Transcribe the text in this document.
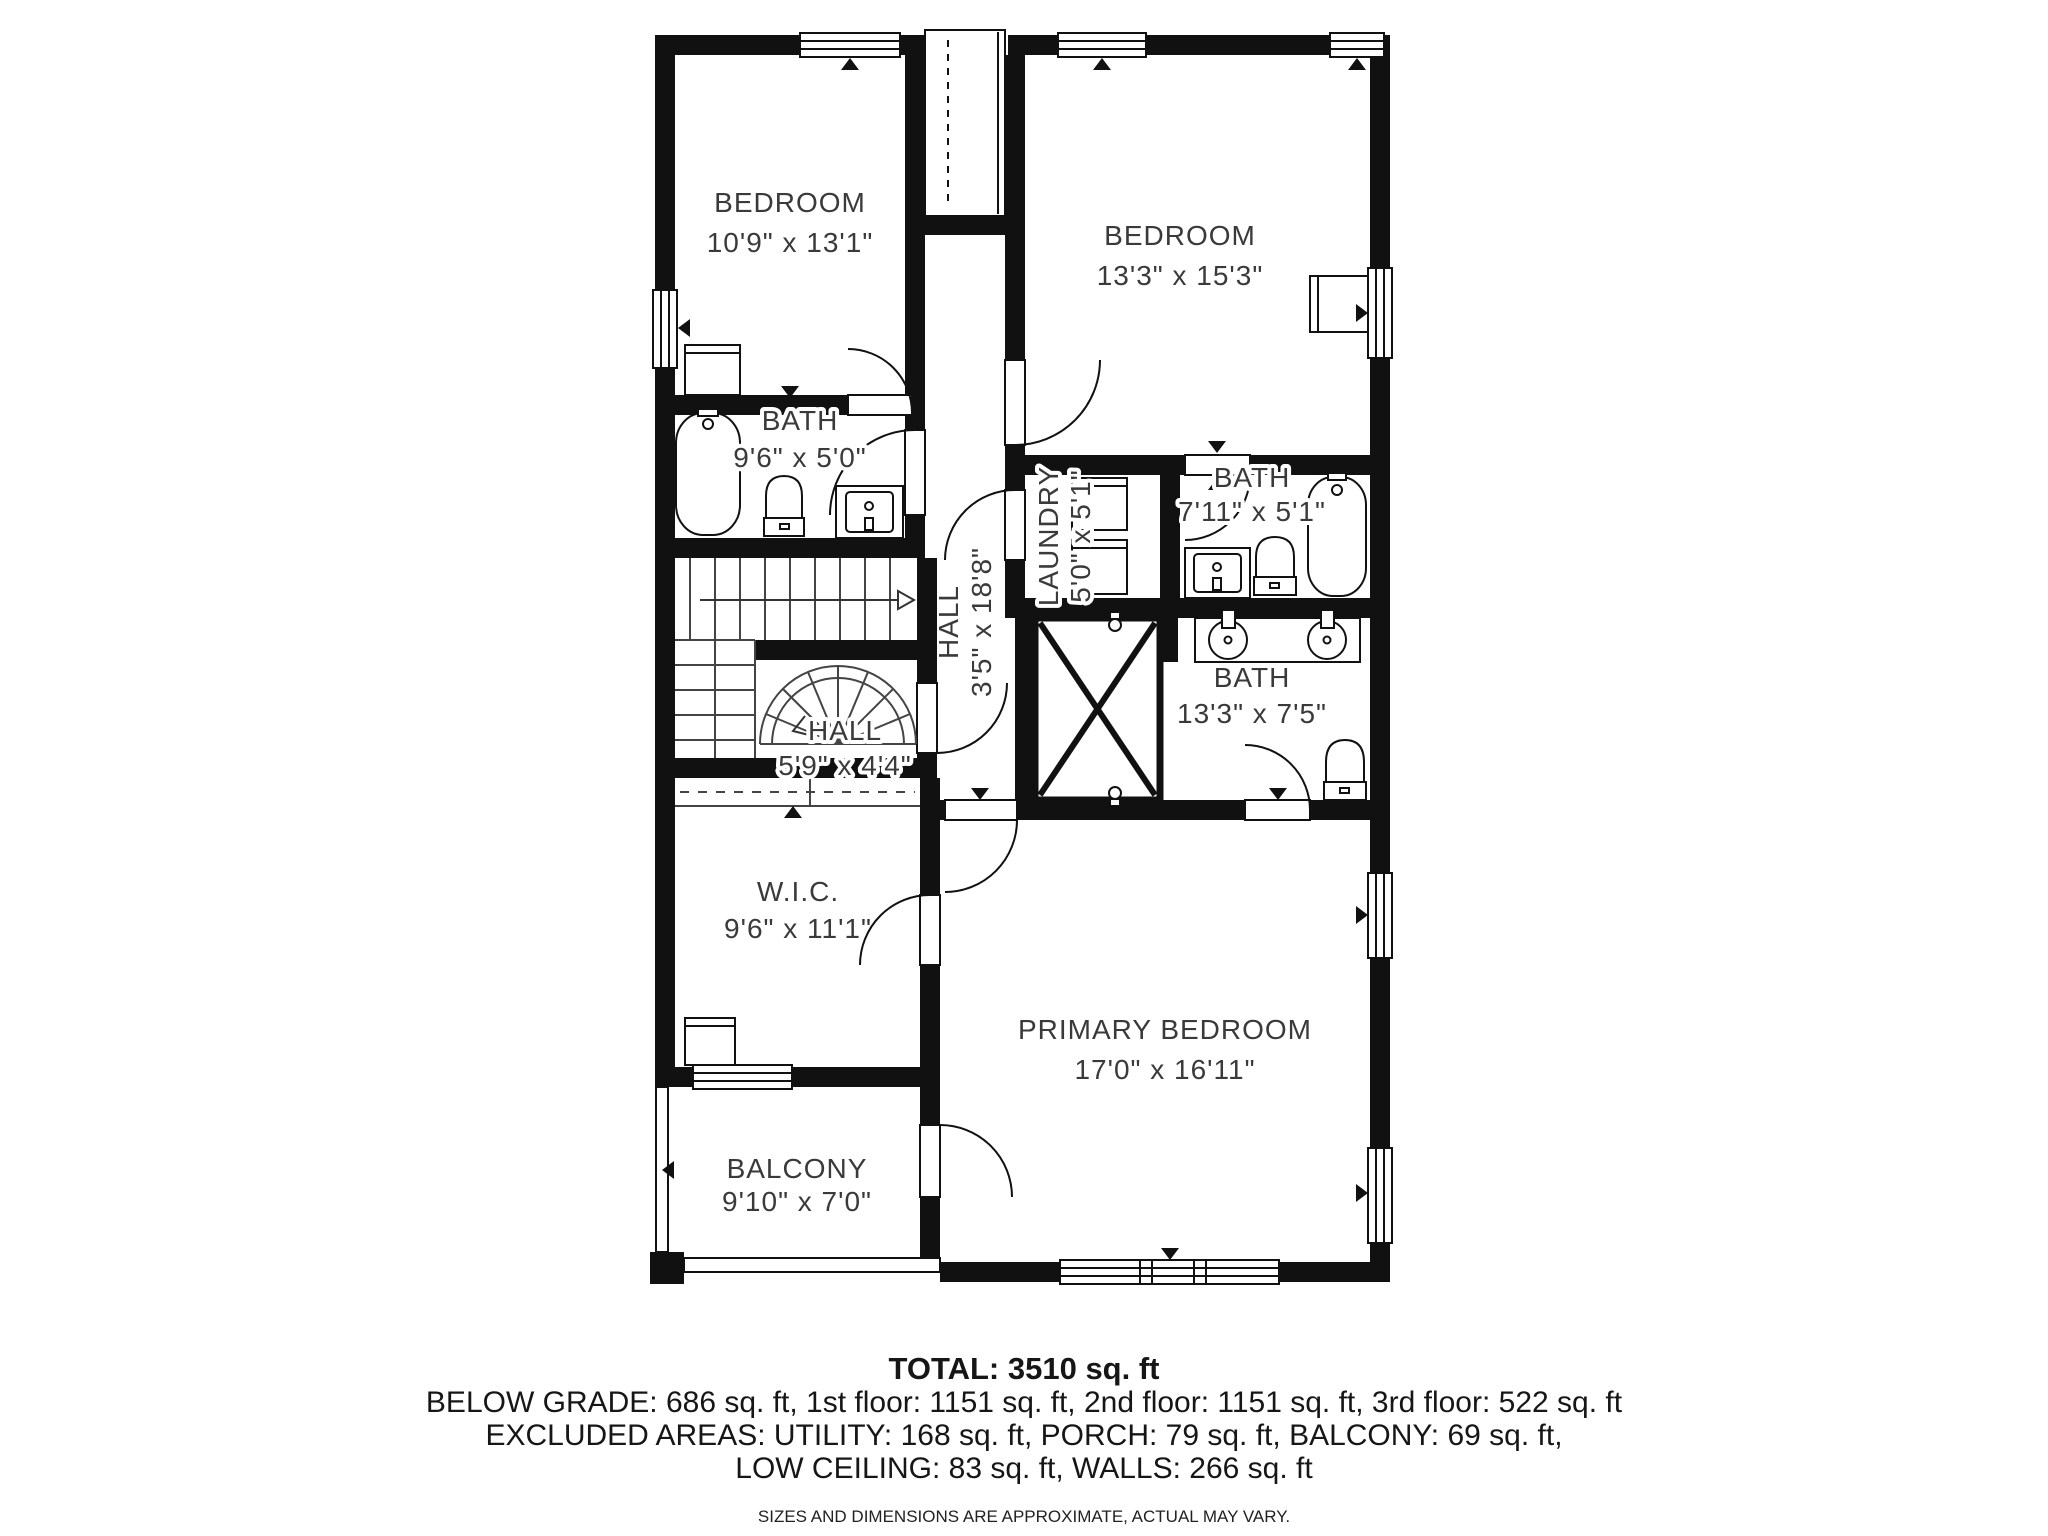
BEDROOM
10'9" x 13'1"	BEDROOM
13'3" x 15'3"
BATH
9'6" x 5'0"
LAUNDRY 5'0" x 5'1"	BATH
7'11" x 5'1"
HALL 3'5" x 18'8"
HALL
5'9" x 4'4"
BATH
13'3" x 7'5"
W.I.C.
9'6" x 11'1"
PRIMARY BEDROOM
17'0" x 16'11"
BALCONY
9'10" x 7'0"
TOTAL: 3510 sq. ft
BELOW GRADE: 686 sq. ft, 1st floor: 1151 sq. ft, 2nd floor: 1151 sq. ft, 3rd floor: 522 sq. ft
EXCLUDED AREAS: UTILITY: 168 sq. ft, PORCH: 79 sq. ft, BALCONY: 69 sq. ft,
LOW CEILING: 83 sq. ft, WALLS: 266 sq. ft
SIZES AND DIMENSIONS ARE APPROXIMATE, ACTUAL MAY VARY.
